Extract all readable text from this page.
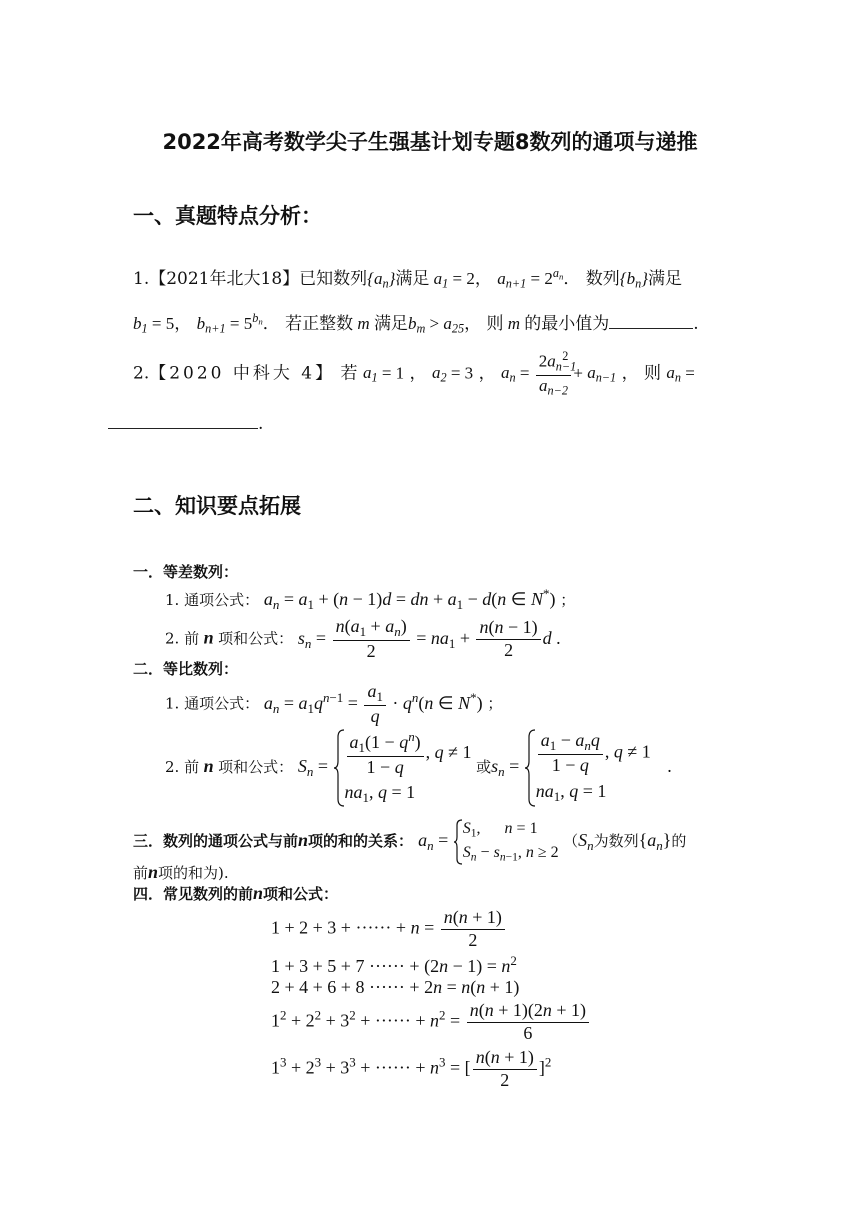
2022年高考数学尖子生强基计划专题8数列的通项与递推
一、真题特点分析：
1.【2021年北大18】已知数列$\{a_n\}$满足 $a_1 = 2$， $a_{n+1} = 2^{a_n}$． 数列$\{b_n\}$满足
$b_1 = 5$， $b_{n+1} = 5^{b_n}$． 若正整数 m 满足$b_m > a_{25}$， 则 m 的最小值为	.
2.【2020 中科大 4】 若 $a_1 = 1$ ， $a_2 = 3$ ， $a_n = \frac{2a_{n-1}^2}{a_{n-2}} + a_{n-1}$ ， 则 $a_n$ =
.
二、知识要点拓展
一．等差数列：
1. 通项公式： $a_n = a_1 + (n - 1)d$ = dn + $a_1 - d(n$ ∈ N*) ；
2. 前 n 项和公式： $s_n = \frac{n(a_1 + a_n)}{2} = na_1 + \frac{n(n - 1)}{2}$ d .
二．等比数列：
1. 通项公式： $a_n = a_1q^{n-1} = \frac{a_1}{q} \cdot q^n(n$ ∈ N*) ；
2. 前 n 项和公式： $S_n = \frac{a_1(1 - q^n)}{1 - q}$ , q ≠ 1
$na_1$, q = 1
或$s_n = \frac{a_1 - a_nq}{1 - q}$ , q ≠ 1
$na_1$, q = 1
.
三．数列的通项公式与前n项的和的关系： $a_n$ =
$S_1$,      n = 1
$S_n - s_{n-1}$, n ≥ 2
（$S_n$为数列$\{a_n\}$的
前n项的和为).
四．常见数列的前n项和公式：
1 + 2 + 3 + ······ + $n = \frac{n(n + 1)}{2}$
1 + 3 + 5 + 7 ······ + $(2n - 1) = n^2$
2 + 4 + 6 + 8 ······ + 2n = n(n + 1)
$1^2 + 2^2 + 3^2$ + ······ + $n^2 = \frac{n(n + 1)(2n + 1)}{6}$
$1^3 + 2^3 + 3^3$ + ······ + $n^3$ = [ $\frac{n(n + 1)}{2} ]^2$
